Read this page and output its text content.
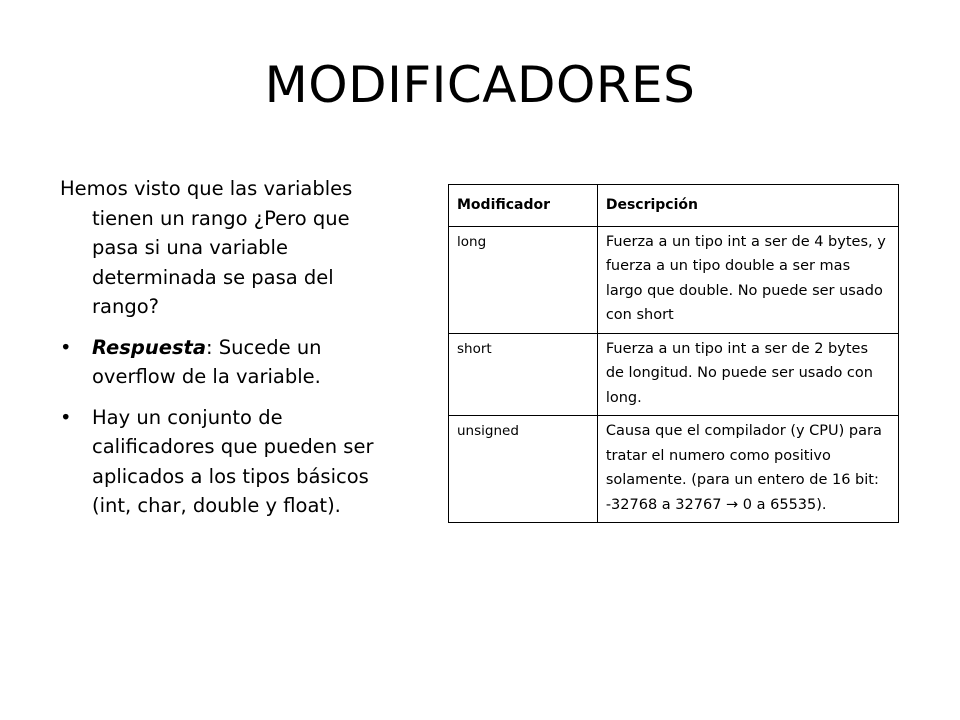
MODIFICADORES

Hemos visto que las variables tienen un rango ¿Pero que pasa si una variable determinada se pasa del rango?

• Respuesta: Sucede un overflow de la variable.
• Hay un conjunto de calificadores que pueden ser aplicados a los tipos básicos (int, char, double y float).
Modificador	Descripción
long	Fuerza a un tipo int a ser de 4 bytes, y fuerza a un tipo double a ser mas largo que double. No puede ser usado con short
short	Fuerza a un tipo int a ser de 2 bytes de longitud. No puede ser usado con long.
unsigned	Causa que el compilador (y CPU) para tratar el numero como positivo solamente. (para un entero de 16 bit: -32768 a 32767 → 0 a 65535).
